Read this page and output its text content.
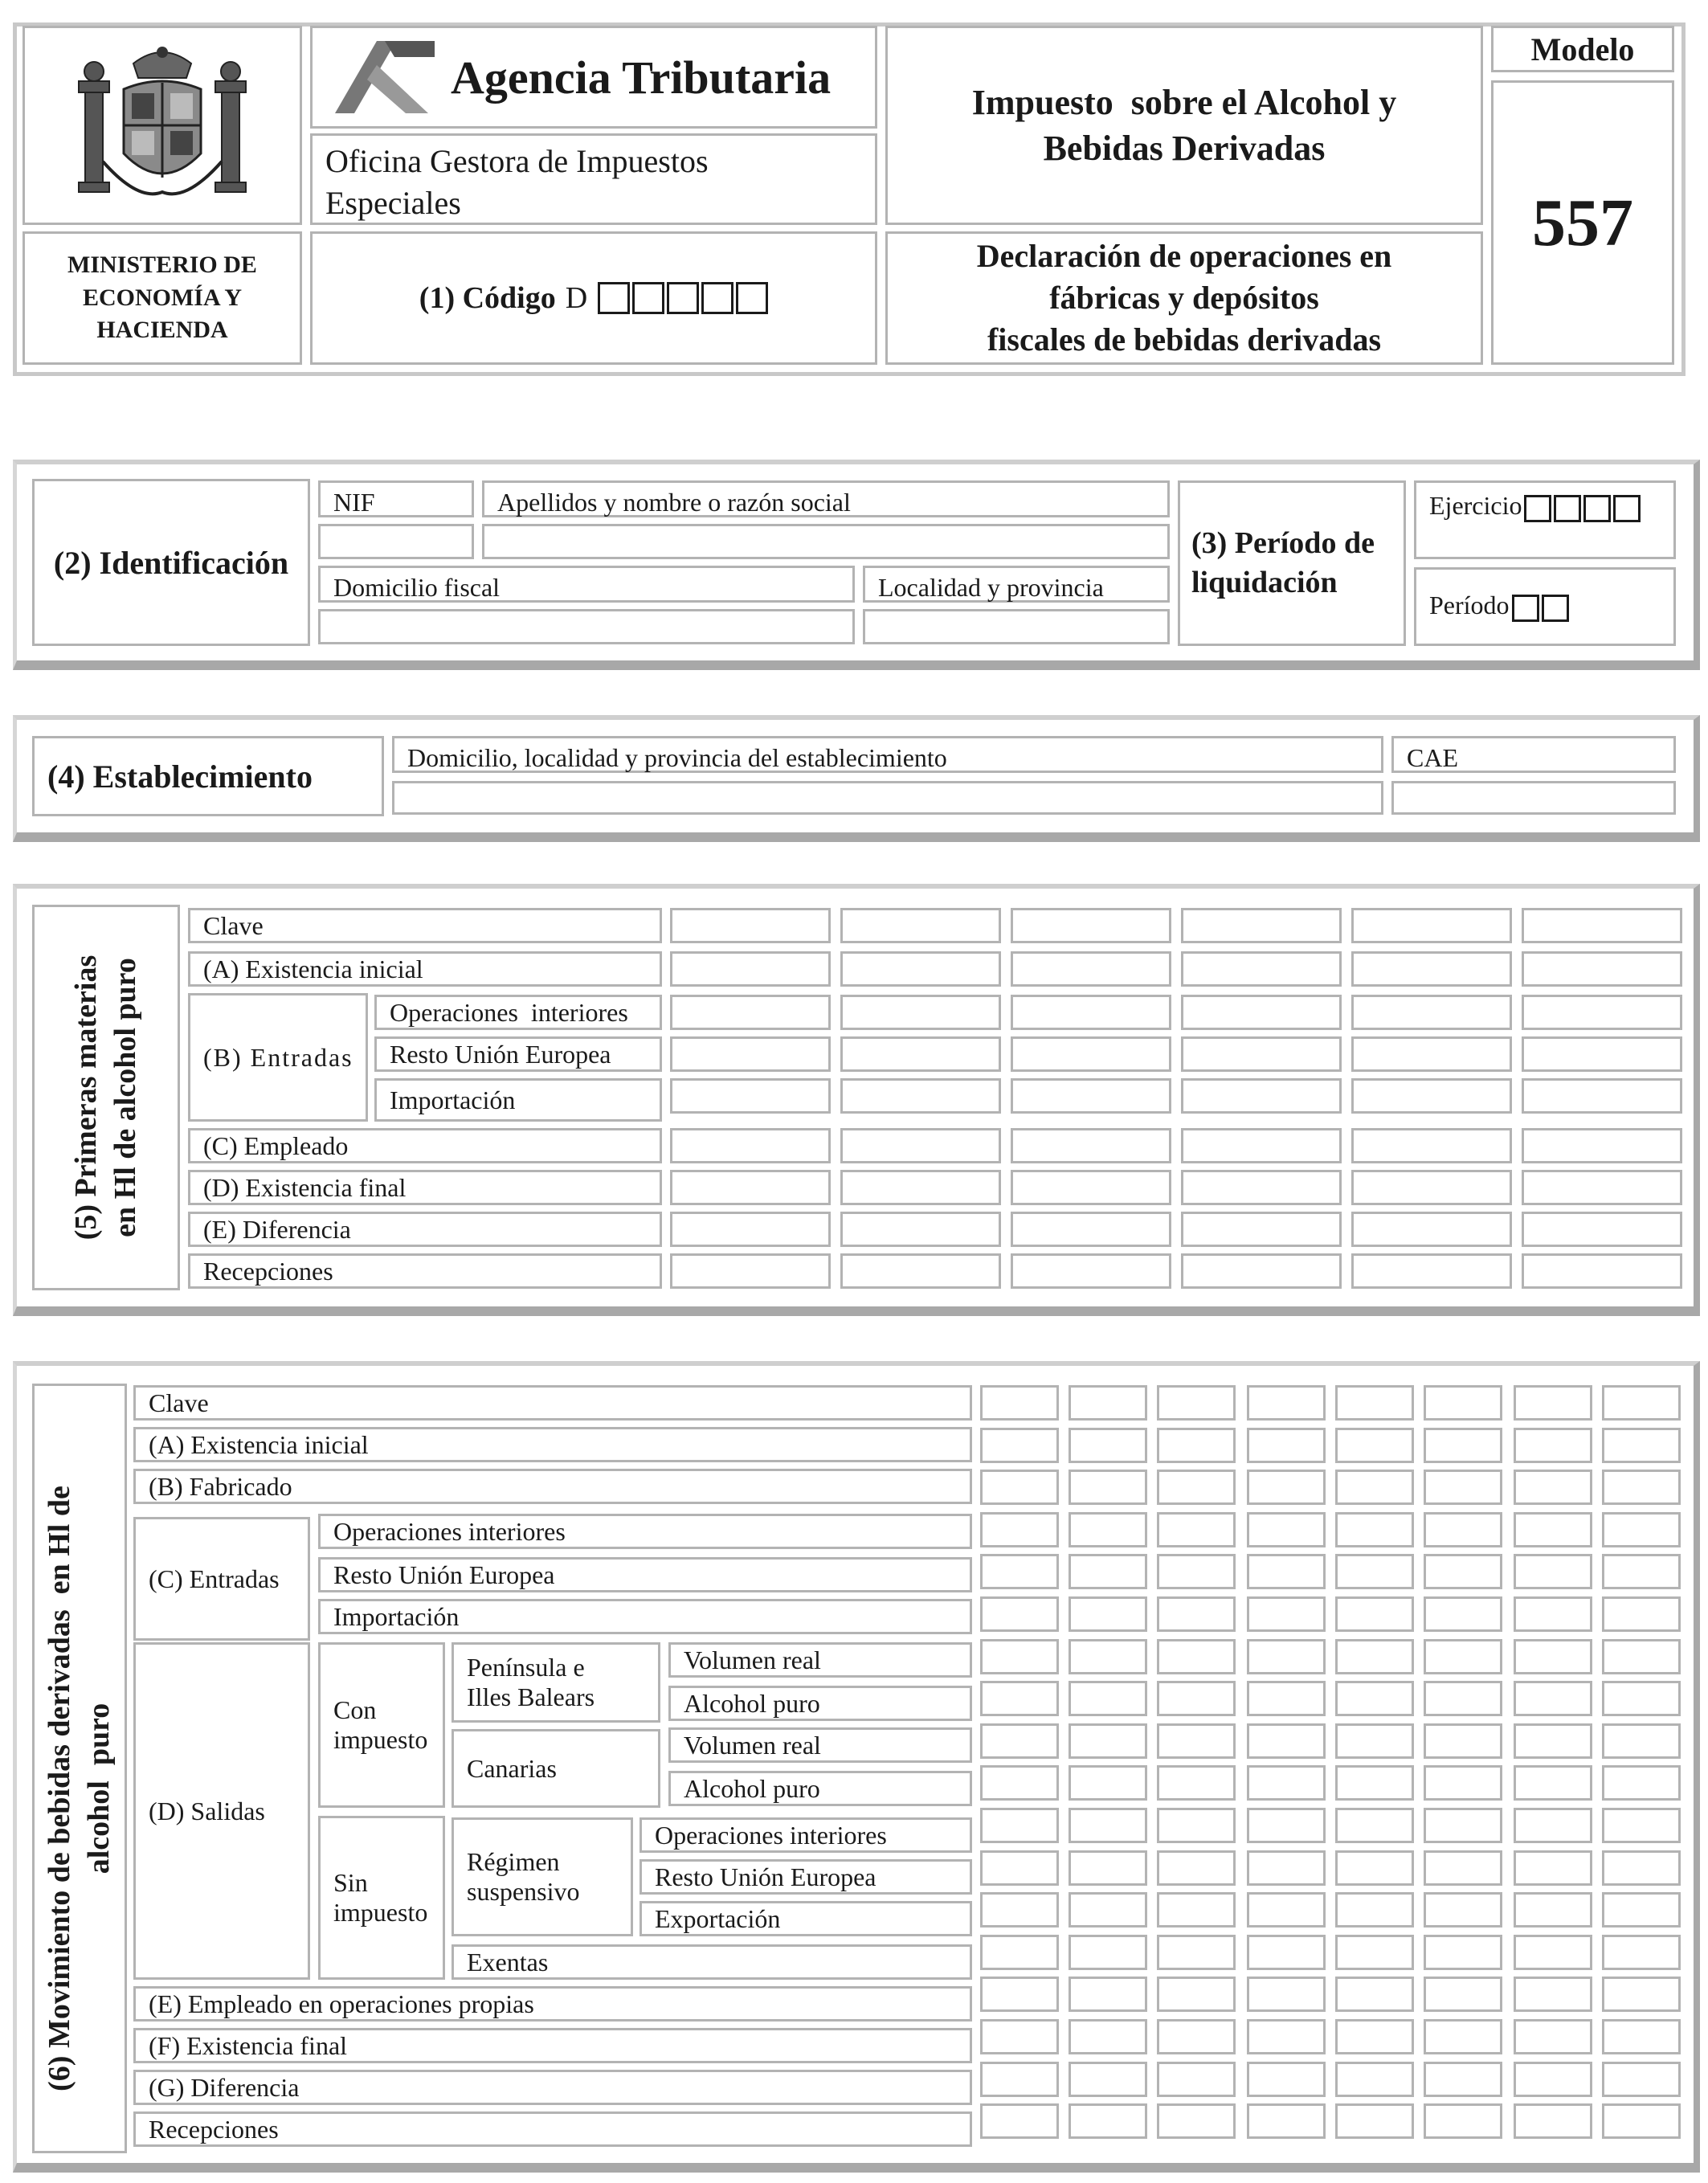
MINISTERIO DE
ECONOMÍA Y
HACIENDA
Agencia Tributaria
Oficina Gestora de Impuestos Especiales
(1) Código D
Impuesto  sobre el Alcohol y
Bebidas Derivadas
Declaración de operaciones en
fábricas y depósitos
fiscales de bebidas derivadas
Modelo
557
(2) Identificación
NIF	Apellidos y nombre o razón social
Domicilio fiscal	Localidad y provincia
(3) Período de
liquidación
Ejercicio
Período
(4) Establecimiento
Domicilio, localidad y provincia del establecimiento	CAE
(5) Primeras materias en Hl de alcohol puro
Clave
(A) Existencia inicial
(B) Entradas
Operaciones  interiores
Resto Unión Europea
Importación
(C) Empleado
(D) Existencia final
(E) Diferencia
Recepciones
(6) Movimiento de bebidas derivadas  en Hl de alcohol  puro
Clave
(A) Existencia inicial
(B) Fabricado
(C) Entradas
Operaciones interiores
Resto Unión Europea
Importación
(D) Salidas
Con
impuesto
Península e
Illes Balears
Volumen real
Alcohol puro
Canarias
Volumen real
Alcohol puro
Sin
impuesto
Régimen
suspensivo
Operaciones interiores
Resto Unión Europea
Exportación
Exentas
(E) Empleado en operaciones propias
(F) Existencia final
(G) Diferencia
Recepciones
